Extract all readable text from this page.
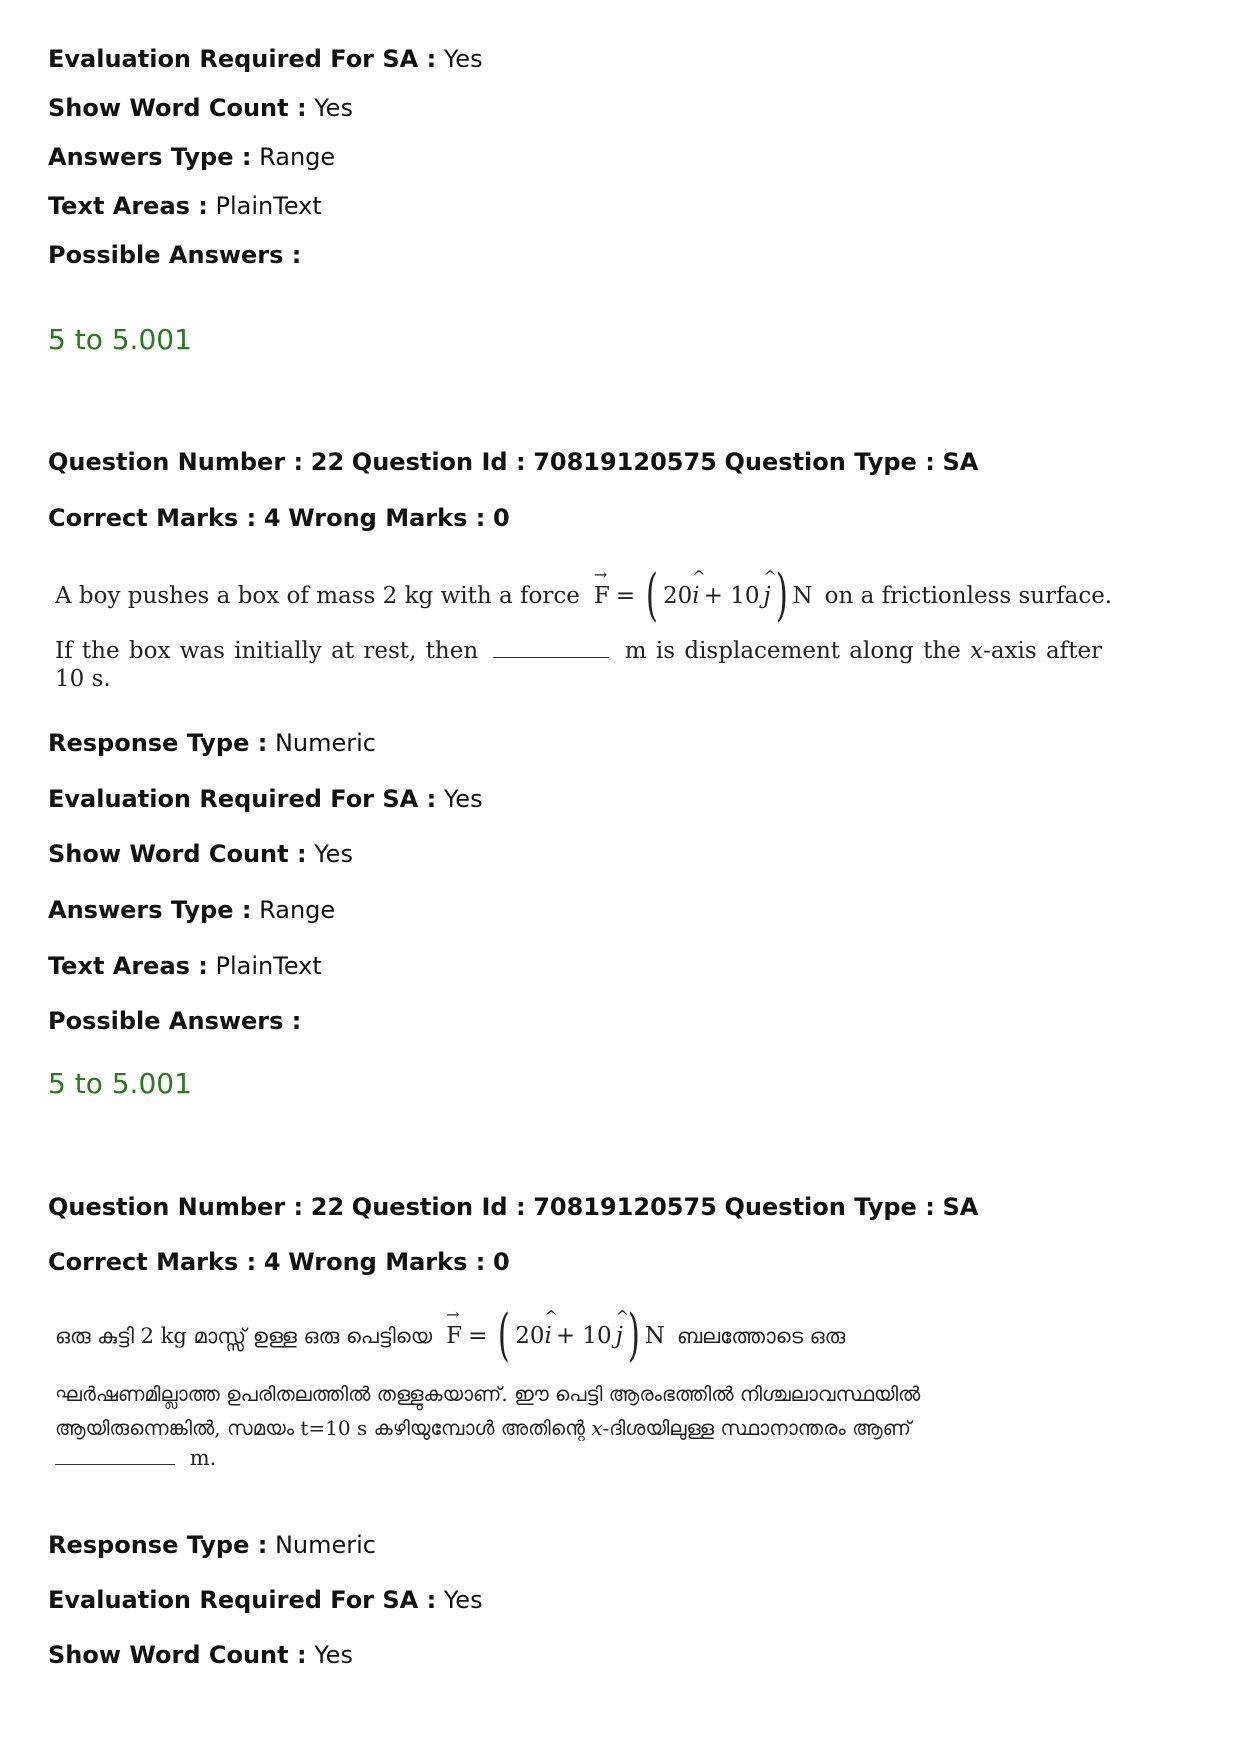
Evaluation Required For SA : Yes
Show Word Count : Yes
Answers Type : Range
Text Areas : PlainText
Possible Answers :
5 to 5.001
Question Number : 22 Question Id : 70819120575 Question Type : SA
Correct Marks : 4 Wrong Marks : 0
A boy pushes a box of mass 2 kg with a force
→
F = ( 20
^
i + 10
^
j ) N on a frictionless surface.
If the box was initially at rest, then	m is displacement along the x-axis after
10 s.
Response Type : Numeric
Evaluation Required For SA : Yes
Show Word Count : Yes
Answers Type : Range
Text Areas : PlainText
Possible Answers :
5 to 5.001
Question Number : 22 Question Id : 70819120575 Question Type : SA
Correct Marks : 4 Wrong Marks : 0
ഒരു കുട്ടി 2 kg മാസ്സ് ഉള്ള ഒരു പെട്ടിയെ
→
F = ( 20
^
i + 10
^
j ) N ബലത്തോടെ ഒരു
ഘർഷണമില്ലാത്ത ഉപരിതലത്തിൽ തള്ളുകയാണ്. ഈ പെട്ടി ആരംഭത്തിൽ നിശ്ചലാവസ്ഥയിൽ
ആയിരുന്നെങ്കിൽ, സമയം t=10 s കഴിയുമ്പോൾ അതിന്റെ x-ദിശയിലുള്ള സ്ഥാനാന്തരം ആണ്
m.
Response Type : Numeric
Evaluation Required For SA : Yes
Show Word Count : Yes
